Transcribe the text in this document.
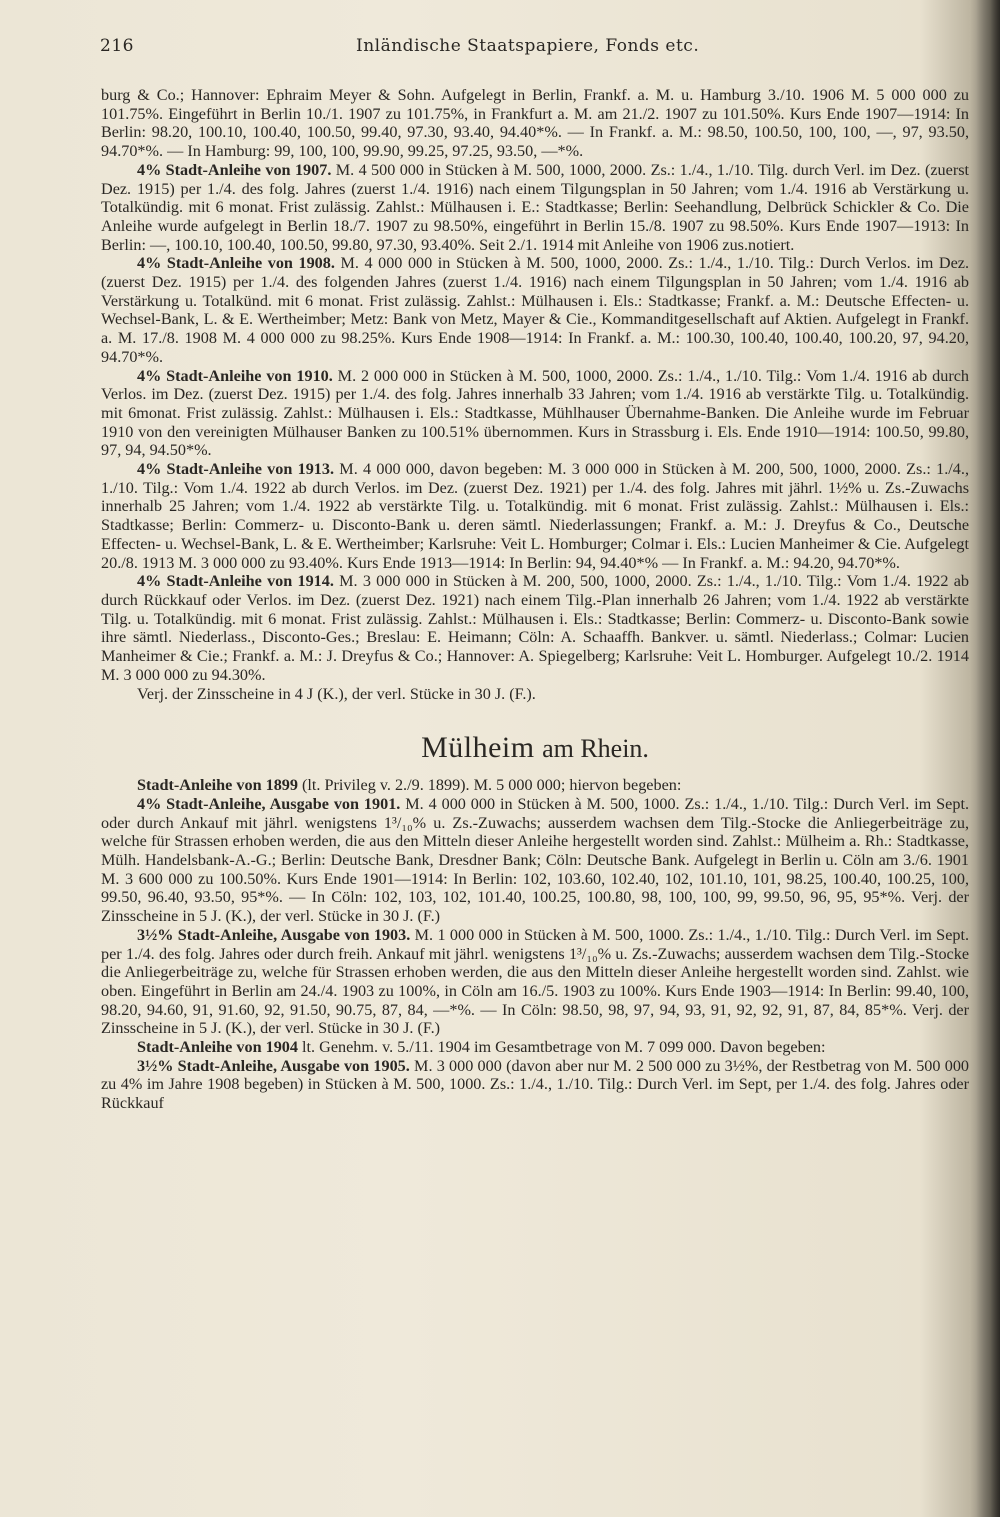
216	Inländische Staatspapiere, Fonds etc.

burg & Co.; Hannover: Ephraim Meyer & Sohn. Aufgelegt in Berlin, Frankf. a. M. u. Hamburg 3./10. 1906 M. 5 000 000 zu 101.75%. Eingeführt in Berlin 10./1. 1907 zu 101.75%, in Frankfurt a. M. am 21./2. 1907 zu 101.50%. Kurs Ende 1907—1914: In Berlin: 98.20, 100.10, 100.40, 100.50, 99.40, 97.30, 93.40, 94.40*%. — In Frankf. a. M.: 98.50, 100.50, 100, 100, —, 97, 93.50, 94.70*%. — In Hamburg: 99, 100, 100, 99.90, 99.25, 97.25, 93.50, —*%.

4% Stadt-Anleihe von 1907. M. 4 500 000 in Stücken à M. 500, 1000, 2000. Zs.: 1./4., 1./10. Tilg. durch Verl. im Dez. (zuerst Dez. 1915) per 1./4. des folg. Jahres (zuerst 1./4. 1916) nach einem Tilgungsplan in 50 Jahren; vom 1./4. 1916 ab Verstärkung u. Totalkündig. mit 6 monat. Frist zulässig. Zahlst.: Mülhausen i. E.: Stadtkasse; Berlin: Seehandlung, Delbrück Schickler & Co. Die Anleihe wurde aufgelegt in Berlin 18./7. 1907 zu 98.50%, eingeführt in Berlin 15./8. 1907 zu 98.50%. Kurs Ende 1907—1913: In Berlin: —, 100.10, 100.40, 100.50, 99.80, 97.30, 93.40%. Seit 2./1. 1914 mit Anleihe von 1906 zus.notiert.

4% Stadt-Anleihe von 1908. M. 4 000 000 in Stücken à M. 500, 1000, 2000. Zs.: 1./4., 1./10. Tilg.: Durch Verlos. im Dez. (zuerst Dez. 1915) per 1./4. des folgenden Jahres (zuerst 1./4. 1916) nach einem Tilgungsplan in 50 Jahren; vom 1./4. 1916 ab Verstärkung u. Totalkünd. mit 6 monat. Frist zulässig. Zahlst.: Mülhausen i. Els.: Stadtkasse; Frankf. a. M.: Deutsche Effecten- u. Wechsel-Bank, L. & E. Wertheimber; Metz: Bank von Metz, Mayer & Cie., Kommanditgesellschaft auf Aktien. Aufgelegt in Frankf. a. M. 17./8. 1908 M. 4 000 000 zu 98.25%. Kurs Ende 1908—1914: In Frankf. a. M.: 100.30, 100.40, 100.40, 100.20, 97, 94.20, 94.70*%.

4% Stadt-Anleihe von 1910. M. 2 000 000 in Stücken à M. 500, 1000, 2000. Zs.: 1./4., 1./10. Tilg.: Vom 1./4. 1916 ab durch Verlos. im Dez. (zuerst Dez. 1915) per 1./4. des folg. Jahres innerhalb 33 Jahren; vom 1./4. 1916 ab verstärkte Tilg. u. Totalkündig. mit 6monat. Frist zulässig. Zahlst.: Mülhausen i. Els.: Stadtkasse, Mühlhauser Übernahme-Banken. Die Anleihe wurde im Februar 1910 von den vereinigten Mülhauser Banken zu 100.51% übernommen. Kurs in Strassburg i. Els. Ende 1910—1914: 100.50, 99.80, 97, 94, 94.50*%.

4% Stadt-Anleihe von 1913. M. 4 000 000, davon begeben: M. 3 000 000 in Stücken à M. 200, 500, 1000, 2000. Zs.: 1./4., 1./10. Tilg.: Vom 1./4. 1922 ab durch Verlos. im Dez. (zuerst Dez. 1921) per 1./4. des folg. Jahres mit jährl. 1½% u. Zs.-Zuwachs innerhalb 25 Jahren; vom 1./4. 1922 ab verstärkte Tilg. u. Totalkündig. mit 6 monat. Frist zulässig. Zahlst.: Mülhausen i. Els.: Stadtkasse; Berlin: Commerz- u. Disconto-Bank u. deren sämtl. Niederlassungen; Frankf. a. M.: J. Dreyfus & Co., Deutsche Effecten- u. Wechsel-Bank, L. & E. Wertheimber; Karlsruhe: Veit L. Homburger; Colmar i. Els.: Lucien Manheimer & Cie. Aufgelegt 20./8. 1913 M. 3 000 000 zu 93.40%. Kurs Ende 1913—1914: In Berlin: 94, 94.40*% — In Frankf. a. M.: 94.20, 94.70*%.

4% Stadt-Anleihe von 1914. M. 3 000 000 in Stücken à M. 200, 500, 1000, 2000. Zs.: 1./4., 1./10. Tilg.: Vom 1./4. 1922 ab durch Rückkauf oder Verlos. im Dez. (zuerst Dez. 1921) nach einem Tilg.-Plan innerhalb 26 Jahren; vom 1./4. 1922 ab verstärkte Tilg. u. Totalkündig. mit 6 monat. Frist zulässig. Zahlst.: Mülhausen i. Els.: Stadtkasse; Berlin: Commerz- u. Disconto-Bank sowie ihre sämtl. Niederlass., Disconto-Ges.; Breslau: E. Heimann; Cöln: A. Schaaffh. Bankver. u. sämtl. Niederlass.; Colmar: Lucien Manheimer & Cie.; Frankf. a. M.: J. Dreyfus & Co.; Hannover: A. Spiegelberg; Karlsruhe: Veit L. Homburger. Aufgelegt 10./2. 1914 M. 3 000 000 zu 94.30%.

Verj. der Zinsscheine in 4 J (K.), der verl. Stücke in 30 J. (F.).

Mülheim am Rhein.

Stadt-Anleihe von 1899 (lt. Privileg v. 2./9. 1899). M. 5 000 000; hiervon begeben:

4% Stadt-Anleihe, Ausgabe von 1901. M. 4 000 000 in Stücken à M. 500, 1000. Zs.: 1./4., 1./10. Tilg.: Durch Verl. im Sept. oder durch Ankauf mit jährl. wenigstens 1³/₁₀% u. Zs.-Zuwachs; ausserdem wachsen dem Tilg.-Stocke die Anliegerbeiträge zu, welche für Strassen erhoben werden, die aus den Mitteln dieser Anleihe hergestellt worden sind. Zahlst.: Mülheim a. Rh.: Stadtkasse, Mülh. Handelsbank-A.-G.; Berlin: Deutsche Bank, Dresdner Bank; Cöln: Deutsche Bank. Aufgelegt in Berlin u. Cöln am 3./6. 1901 M. 3 600 000 zu 100.50%. Kurs Ende 1901—1914: In Berlin: 102, 103.60, 102.40, 102, 101.10, 101, 98.25, 100.40, 100.25, 100, 99.50, 96.40, 93.50, 95*%. — In Cöln: 102, 103, 102, 101.40, 100.25, 100.80, 98, 100, 100, 99, 99.50, 96, 95, 95*%. Verj. der Zinsscheine in 5 J. (K.), der verl. Stücke in 30 J. (F.)

3½% Stadt-Anleihe, Ausgabe von 1903. M. 1 000 000 in Stücken à M. 500, 1000. Zs.: 1./4., 1./10. Tilg.: Durch Verl. im Sept. per 1./4. des folg. Jahres oder durch freih. Ankauf mit jährl. wenigstens 1³/₁₀% u. Zs.-Zuwachs; ausserdem wachsen dem Tilg.-Stocke die Anliegerbeiträge zu, welche für Strassen erhoben werden, die aus den Mitteln dieser Anleihe hergestellt worden sind. Zahlst. wie oben. Eingeführt in Berlin am 24./4. 1903 zu 100%, in Cöln am 16./5. 1903 zu 100%. Kurs Ende 1903—1914: In Berlin: 99.40, 100, 98.20, 94.60, 91, 91.60, 92, 91.50, 90.75, 87, 84, —*%. — In Cöln: 98.50, 98, 97, 94, 93, 91, 92, 92, 91, 87, 84, 85*%. Verj. der Zinsscheine in 5 J. (K.), der verl. Stücke in 30 J. (F.)

Stadt-Anleihe von 1904 lt. Genehm. v. 5./11. 1904 im Gesamtbetrage von M. 7 099 000. Davon begeben:

3½% Stadt-Anleihe, Ausgabe von 1905. M. 3 000 000 (davon aber nur M. 2 500 000 zu 3½%, der Restbetrag von M. 500 000 zu 4% im Jahre 1908 begeben) in Stücken à M. 500, 1000. Zs.: 1./4., 1./10. Tilg.: Durch Verl. im Sept, per 1./4. des folg. Jahres oder Rückkauf
